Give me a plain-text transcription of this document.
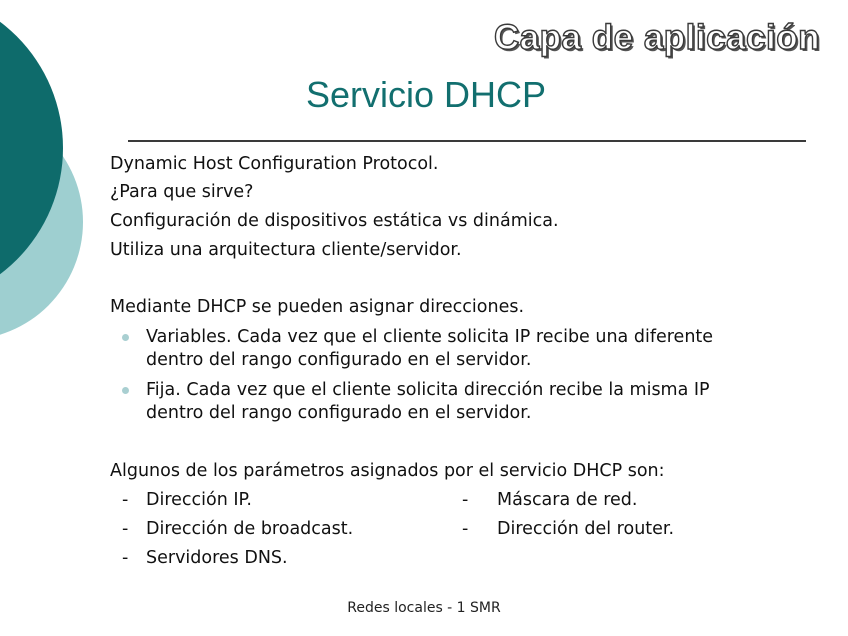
Capa de aplicación
Servicio DHCP

Dynamic Host Configuration Protocol.

¿Para que sirve?

Configuración de dispositivos estática vs dinámica.

Utiliza una arquitectura cliente/servidor.

Mediante DHCP se pueden asignar direcciones.

Variables. Cada vez que el cliente solicita IP recibe una diferente

dentro del rango configurado en el servidor.

Fija. Cada vez que el cliente solicita dirección recibe la misma IP

dentro del rango configurado en el servidor.

Algunos de los parámetros asignados por el servicio DHCP son:

- Dirección IP.	- Máscara de red.

- Dirección de broadcast.	- Dirección del router.

- Servidores DNS.

Redes locales - 1 SMR
